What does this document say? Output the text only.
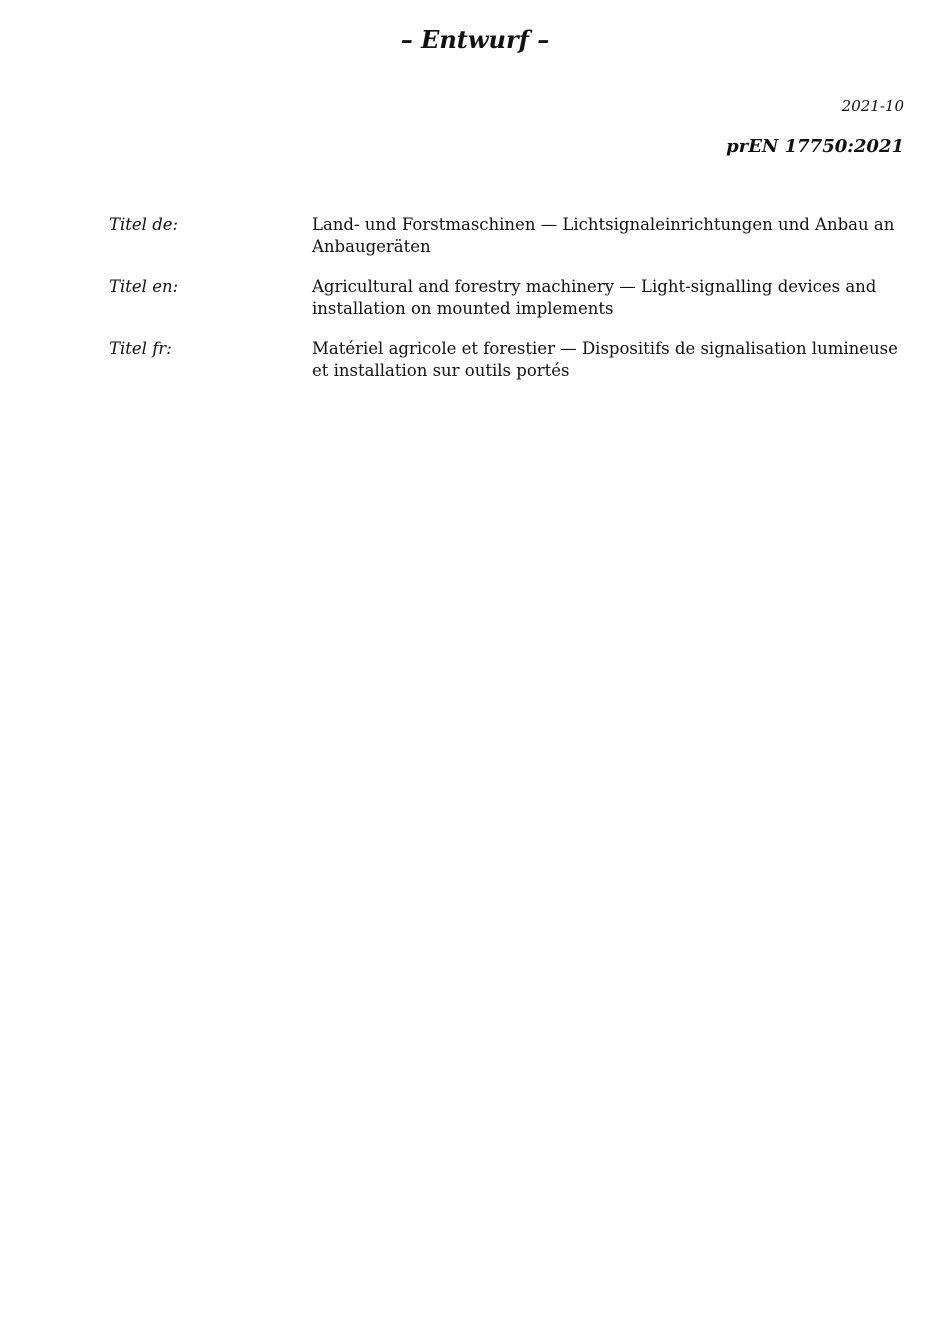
– Entwurf –
2021-10
prEN 17750:2021
Titel de:	Land- und Forstmaschinen — Lichtsignaleinrichtungen und Anbau an Anbaugeräten
Titel en:	Agricultural and forestry machinery — Light-signalling devices and installation on mounted implements
Titel fr:	Matériel agricole et forestier — Dispositifs de signalisation lumineuse et installation sur outils portés
